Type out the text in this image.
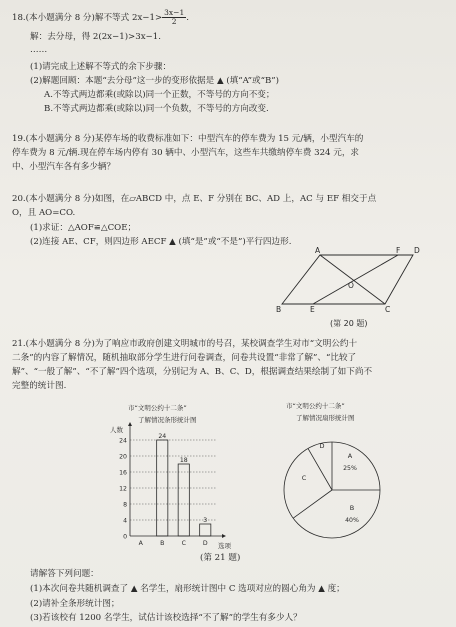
18.(本小题满分 8 分)解不等式 $2x-1> \frac{3x-1}{2}$ .
解：去分母，得 2(2x−1)>3x−1.
……
(1)请完成上述解不等式的余下步骤：
(2)解题回顾：本题“去分母”这一步的变形依据是 ▲ (填“A”或“B”)
A.不等式两边都乘(或除以)同一个正数，不等号的方向不变；
B.不等式两边都乘(或除以)同一个负数，不等号的方向改变.
19.(本小题满分 8 分)某停车场的收费标准如下：中型汽车的停车费为 15 元/辆，小型汽车的
停车费为 8 元/辆.现在停车场内停有 30 辆中、小型汽车，这些车共缴纳停车费 324 元，求
中、小型汽车各有多少辆？
20.(本小题满分 8 分)如图，在▱ABCD 中，点 E、F 分别在 BC、AD 上，AC 与 EF 相交于点
O，且 AO=CO.
(1)求证：△AOF≌△COE；
(2)连接 AE、CF，则四边形 AECF ▲ (填“是”或“不是”)平行四边形.
A	D
F
B	E	C
O
(第 20 题)
21.(本小题满分 8 分)为了响应市政府创建文明城市的号召，某校调查学生对市“文明公约十
二条”的内容了解情况，随机抽取部分学生进行问卷调查，问卷共设置“非常了解”、“比较了
解”、“一般了解”、“不了解”四个选项，分别记为 A、B、C、D，根据调查结果绘制了如下尚不
完整的统计图.
市“文明公约十二条”
了解情况条形统计图
人数
选项
0
4
8
12
16
20
24
A
24
B
18
C
3
D
市“文明公约十二条”
了解情况扇形统计图
A
25%
B
40%
C
D
(第 21 题)
请解答下列问题：
(1)本次问卷共随机调查了 ▲ 名学生，扇形统计图中 C 选项对应的圆心角为 ▲ 度；
(2)请补全条形统计图；
(3)若该校有 1200 名学生，试估计该校选择“不了解”的学生有多少人？
